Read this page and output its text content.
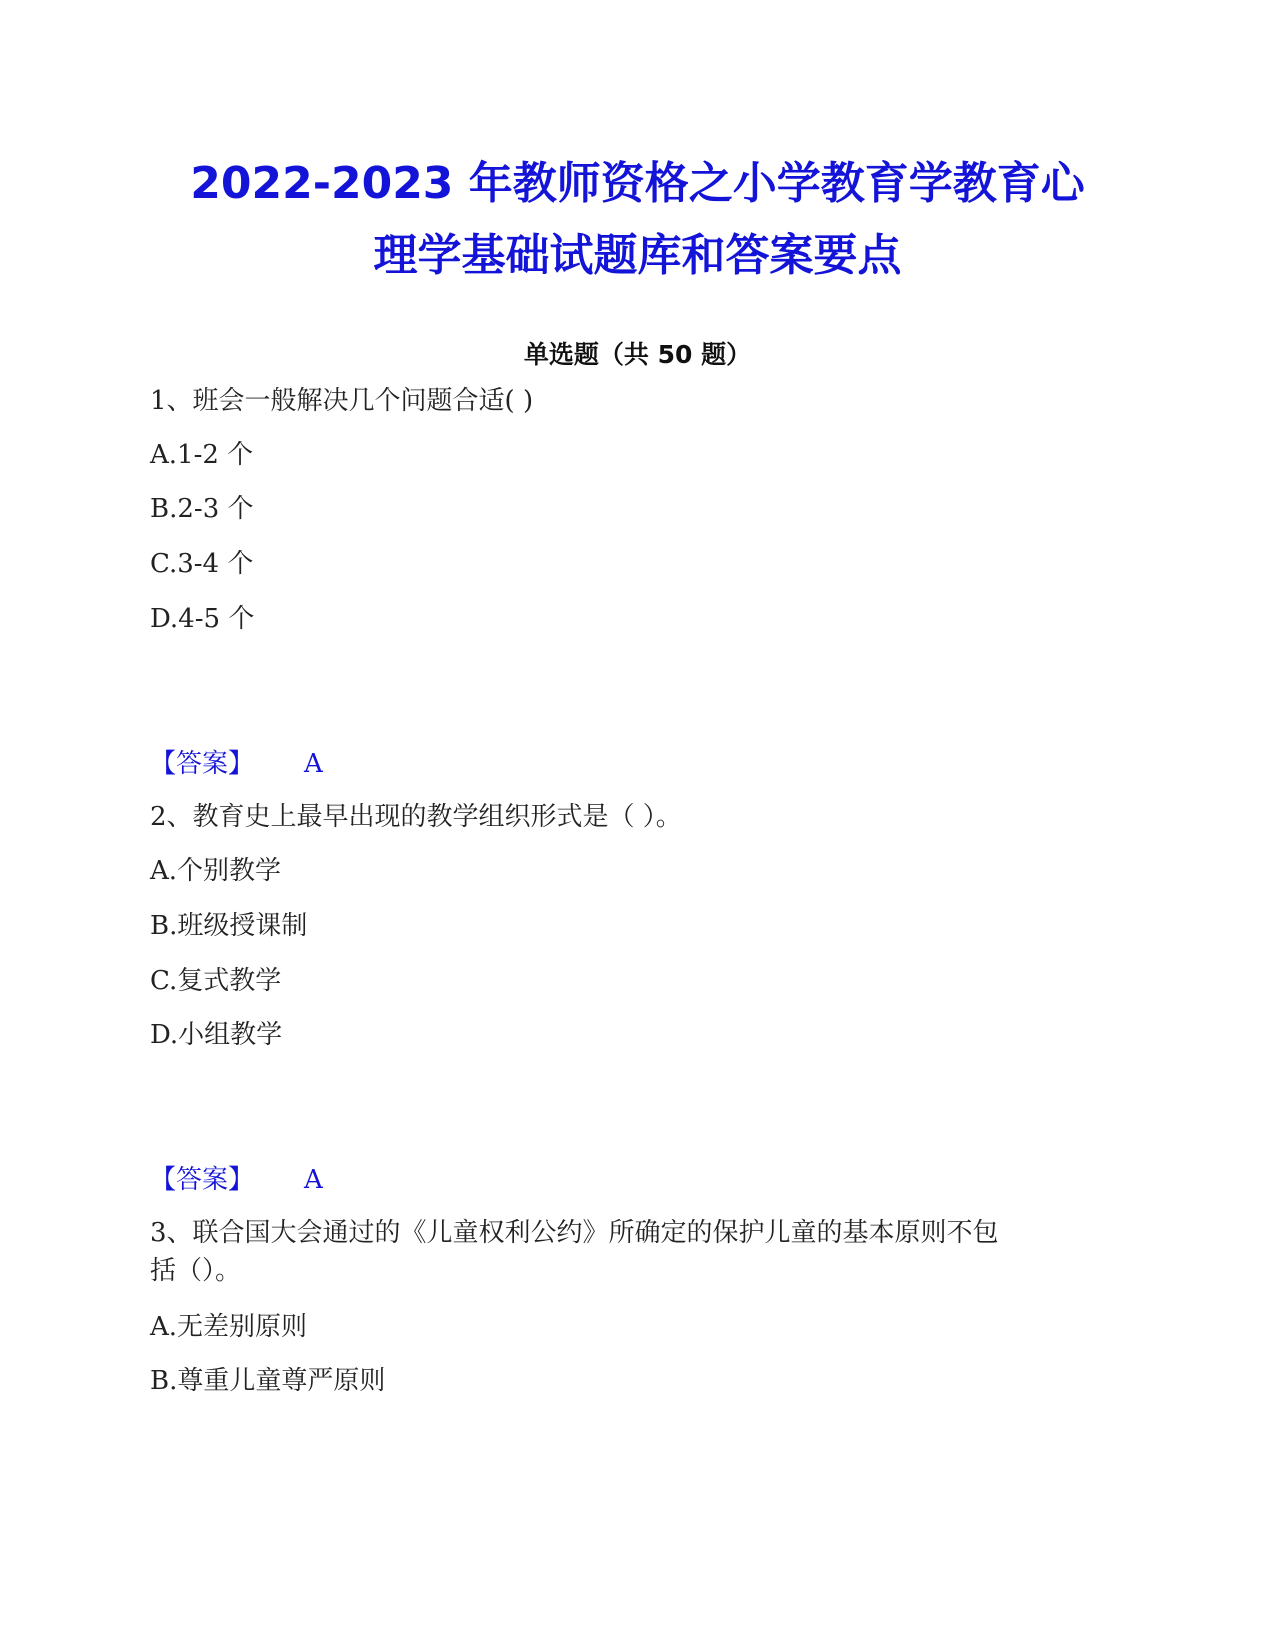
2022-2023 年教师资格之小学教育学教育心
理学基础试题库和答案要点
单选题（共 50 题）
1、班会一般解决几个问题合适( )
A.1-2 个
B.2-3 个
C.3-4 个
D.4-5 个
【答案】 A
2、教育史上最早出现的教学组织形式是（ ）。
A.个别教学
B.班级授课制
C.复式教学
D.小组教学
【答案】 A
3、联合国大会通过的《儿童权利公约》所确定的保护儿童的基本原则不包
括（）。
A.无差别原则
B.尊重儿童尊严原则
